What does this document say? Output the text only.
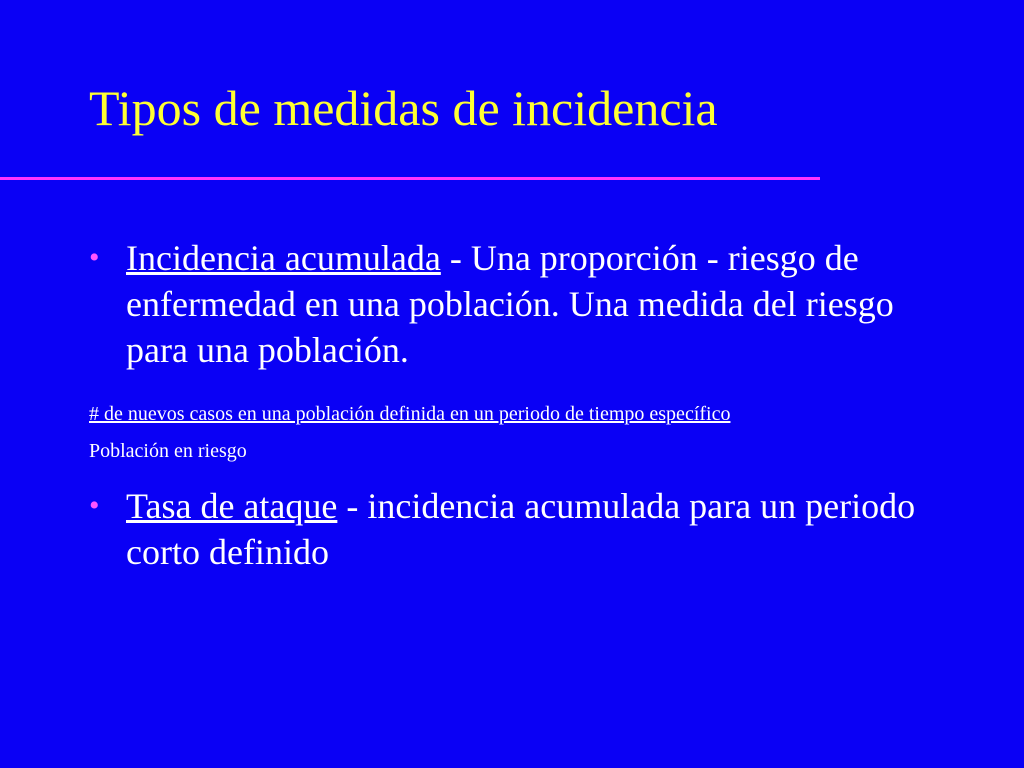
Tipos de medidas de incidencia
• Incidencia acumulada - Una proporción - riesgo de enfermedad en una población. Una medida del riesgo para una población.
# de nuevos casos en una población definida en un periodo de tiempo específico
Población en riesgo
• Tasa de ataque - incidencia acumulada para un periodo corto definido
